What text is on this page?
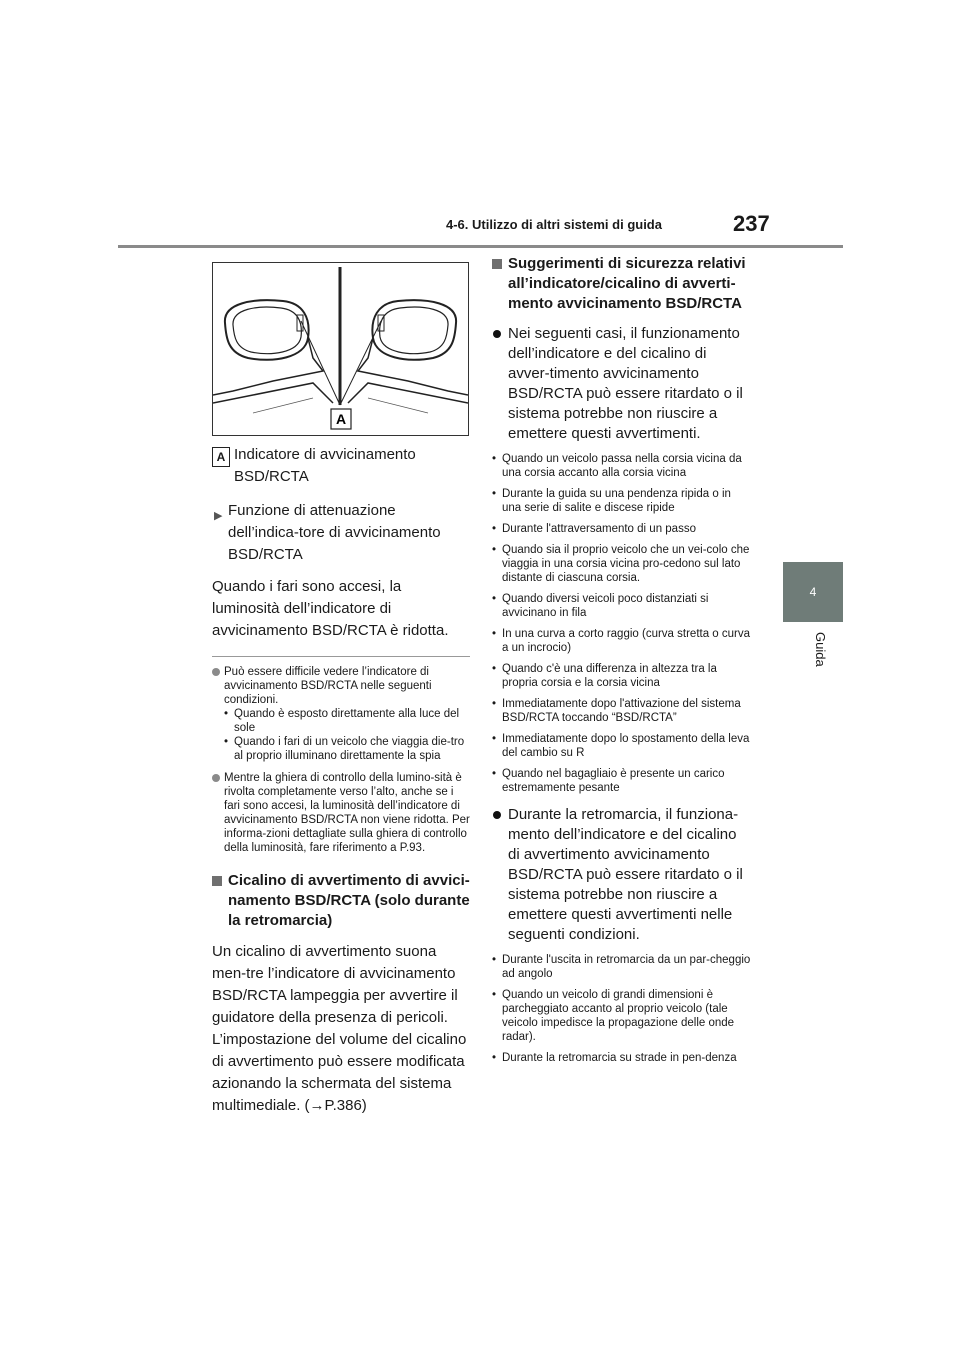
4-6. Utilizzo di altri sistemi di guida	237
4
Guida
A
A Indicatore di avvicinamento
BSD/RCTA
▶ Funzione di attenuazione dell’indica-tore di avvicinamento BSD/RCTA
Quando i fari sono accesi, la luminosità dell’indicatore di avvicinamento BSD/RCTA è ridotta.
Può essere difficile vedere l’indicatore di avvicinamento BSD/RCTA nelle seguenti condizioni.
• Quando è esposto direttamente alla luce del sole
• Quando i fari di un veicolo che viaggia die-tro al proprio illuminano direttamente la spia
Mentre la ghiera di controllo della lumino-sità è rivolta completamente verso l’alto, anche se i fari sono accesi, la luminosità dell’indicatore di avvicinamento BSD/RCTA non viene ridotta. Per informa-zioni dettagliate sulla ghiera di controllo della luminosità, fare riferimento a P.93.
Cicalino di avvertimento di avvici-namento BSD/RCTA (solo durante la retromarcia)
Un cicalino di avvertimento suona men-tre l’indicatore di avvicinamento BSD/RCTA lampeggia per avvertire il guidatore della presenza di pericoli. L’impostazione del volume del cicalino di avvertimento può essere modificata azionando la schermata del sistema multimediale. (→P.386)
Suggerimenti di sicurezza relativi all’indicatore/cicalino di avverti-mento avvicinamento BSD/RCTA
Nei seguenti casi, il funzionamento dell’indicatore e del cicalino di avver-timento avvicinamento BSD/RCTA può essere ritardato o il sistema potrebbe non riuscire a emettere questi avvertimenti.
• Quando un veicolo passa nella corsia vicina da una corsia accanto alla corsia vicina
• Durante la guida su una pendenza ripida o in una serie di salite e discese ripide
• Durante l'attraversamento di un passo
• Quando sia il proprio veicolo che un vei-colo che viaggia in una corsia vicina pro-cedono sul lato distante di ciascuna corsia.
• Quando diversi veicoli poco distanziati si avvicinano in fila
• In una curva a corto raggio (curva stretta o curva a un incrocio)
• Quando c'è una differenza in altezza tra la propria corsia e la corsia vicina
• Immediatamente dopo l'attivazione del sistema BSD/RCTA toccando “BSD/RCTA”
• Immediatamente dopo lo spostamento della leva del cambio su R
• Quando nel bagagliaio è presente un carico estremamente pesante
Durante la retromarcia, il funziona-mento dell’indicatore e del cicalino di avvertimento avvicinamento BSD/RCTA può essere ritardato o il sistema potrebbe non riuscire a emettere questi avvertimenti nelle seguenti condizioni.
• Durante l'uscita in retromarcia da un par-cheggio ad angolo
• Quando un veicolo di grandi dimensioni è parcheggiato accanto al proprio veicolo (tale veicolo impedisce la propagazione delle onde radar).
• Durante la retromarcia su strade in pen-denza
